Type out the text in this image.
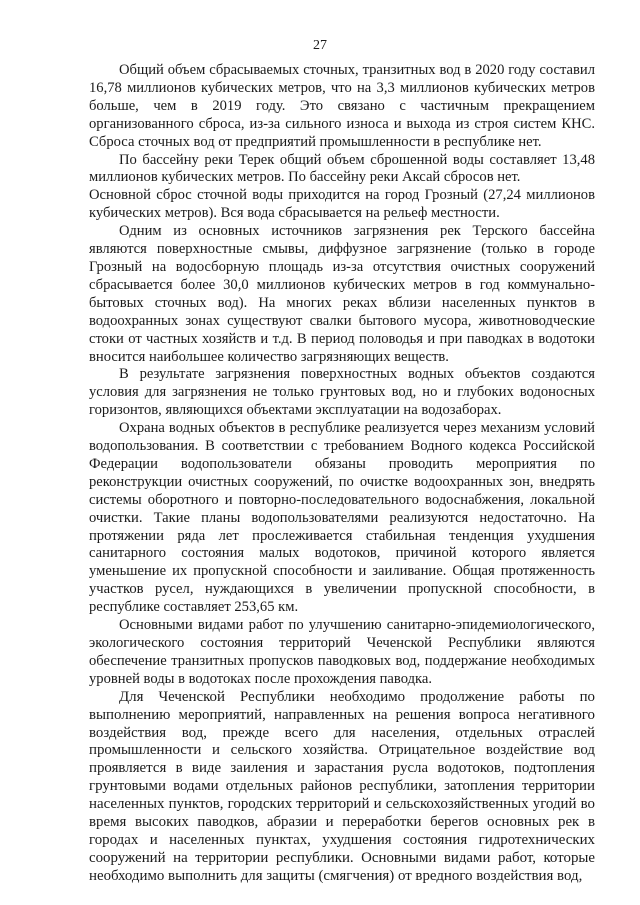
27

Общий объем сбрасываемых сточных, транзитных вод в 2020 году составил 16,78 миллионов кубических метров, что на 3,3 миллионов кубических метров больше, чем в 2019 году. Это связано с частичным прекращением организованного сброса, из-за сильного износа и выхода из строя систем КНС. Сброса сточных вод от предприятий промышленности в республике нет.

По бассейну реки Терек общий объем сброшенной воды составляет 13,48 миллионов кубических метров. По бассейну реки Аксай сбросов нет.

Основной сброс сточной воды приходится на город Грозный (27,24 миллионов кубических метров). Вся вода сбрасывается на рельеф местности.

Одним из основных источников загрязнения рек Терского бассейна являются поверхностные смывы, диффузное загрязнение (только в городе Грозный на водосборную площадь из-за отсутствия очистных сооружений сбрасывается более 30,0 миллионов кубических метров в год коммунально-бытовых сточных вод). На многих реках вблизи населенных пунктов в водоохранных зонах существуют свалки бытового мусора, животноводческие стоки от частных хозяйств и т.д. В период половодья и при паводках в водотоки вносится наибольшее количество загрязняющих веществ.

В результате загрязнения поверхностных водных объектов создаются условия для загрязнения не только грунтовых вод, но и глубоких водоносных горизонтов, являющихся объектами эксплуатации на водозаборах.

Охрана водных объектов в республике реализуется через механизм условий водопользования. В соответствии с требованием Водного кодекса Российской Федерации водопользователи обязаны проводить мероприятия по реконструкции очистных сооружений, по очистке водоохранных зон, внедрять системы оборотного и повторно-последовательного водоснабжения, локальной очистки. Такие планы водопользователями реализуются недостаточно. На протяжении ряда лет прослеживается стабильная тенденция ухудшения санитарного состояния малых водотоков, причиной которого является уменьшение их пропускной способности и заиливание. Общая протяженность участков русел, нуждающихся в увеличении пропускной способности, в республике составляет 253,65 км.

Основными видами работ по улучшению санитарно-эпидемиологического, экологического состояния территорий Чеченской Республики являются обеспечение транзитных пропусков паводковых вод, поддержание необходимых уровней воды в водотоках после прохождения паводка.

Для Чеченской Республики необходимо продолжение работы по выполнению мероприятий, направленных на решения вопроса негативного воздействия вод, прежде всего для населения, отдельных отраслей промышленности и сельского хозяйства. Отрицательное воздействие вод проявляется в виде заиления и зарастания русла водотоков, подтопления грунтовыми водами отдельных районов республики, затопления территории населенных пунктов, городских территорий и сельскохозяйственных угодий во время высоких паводков, абразии и переработки берегов основных рек в городах и населенных пунктах, ухудшения состояния гидротехнических сооружений на территории республики. Основными видами работ, которые необходимо выполнить для защиты (смягчения) от вредного воздействия вод,
